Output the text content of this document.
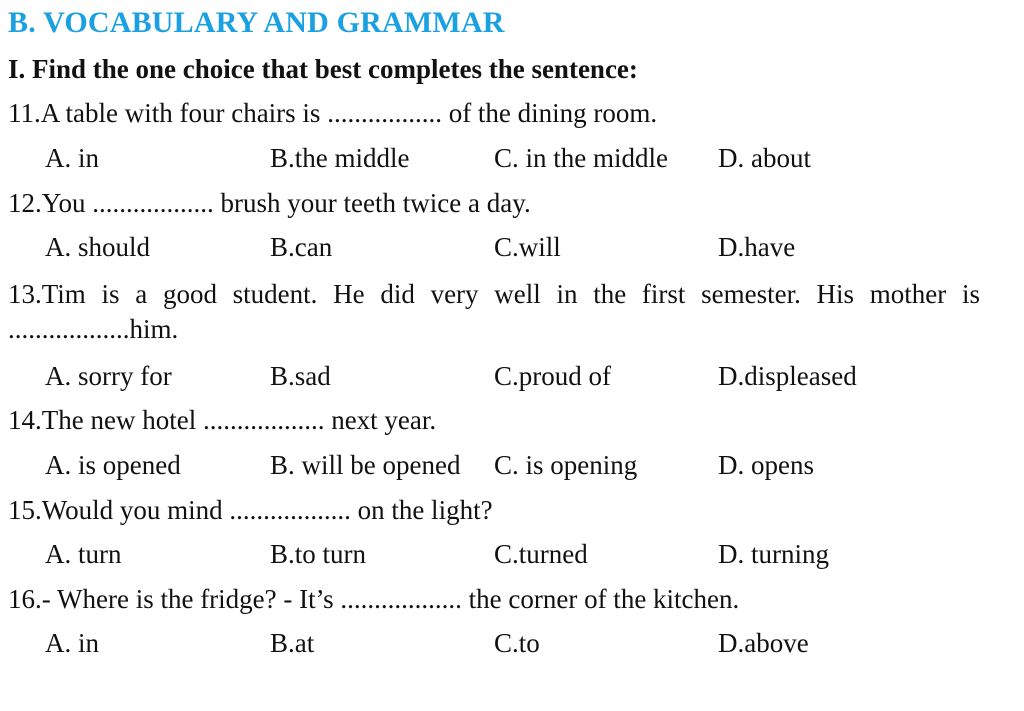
B. VOCABULARY AND GRAMMAR
I. Find the one choice that best completes the sentence:
11.A table with four chairs is ................. of the dining room.
A. in	B.the middle	C. in the middle D. about
12.You .................. brush your teeth twice a day.
A. should	B.can	C.will	D.have
13.Tim is a good student. He did very well in the first semester. His mother is
..................him.
A. sorry for	B.sad	C.proud of	D.displeased
14.The new hotel .................. next year.
A. is opened	B. will be opened C. is opening	D. opens
15.Would you mind .................. on the light?
A. turn	B.to turn	C.turned	D. turning
16.- Where is the fridge? - It’s .................. the corner of the kitchen.
A. in	B.at	C.to	D.above
